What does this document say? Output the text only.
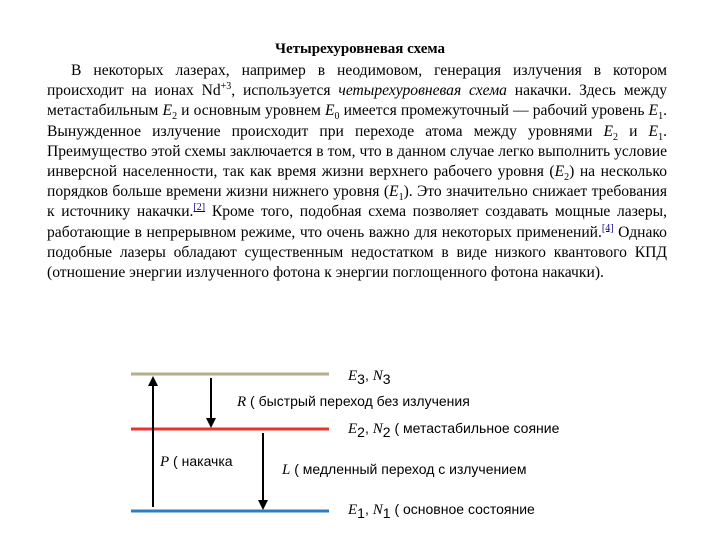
Четырехуровневая схема

В некоторых лазерах, например в неодимовом, генерация излучения в котором происходит на ионах $Nd^{+3}$, используется четырехуровневая схема накачки. Здесь между метастабильным $E_2$ и основным уровнем $E_0$ имеется промежуточный — рабочий уровень $E_1$. Вынужденное излучение происходит при переходе атома между уровнями $E_2$ и $E_1$. Преимущество этой схемы заключается в том, что в данном случае легко выполнить условие инверсной населенности, так как время жизни верхнего рабочего уровня $(E_2)$ на несколько порядков больше времени жизни нижнего уровня $(E_1)$. Это значительно снижает требования к источнику накачки.[2] Кроме того, подобная схема позволяет создавать мощные лазеры, работающие в непрерывном режиме, что очень важно для некоторых применений.[4] Однако подобные лазеры обладают существенным недостатком в виде низкого квантового КПД (отношение энергии излученного фотона к энергии поглощенного фотона накачки).

E3, N3
R ( быстрый переход без излучения
E2, N2 ( метастабильное сояние
P ( накачка
L ( медленный переход с излучением
E1, N1 ( основное состояние
